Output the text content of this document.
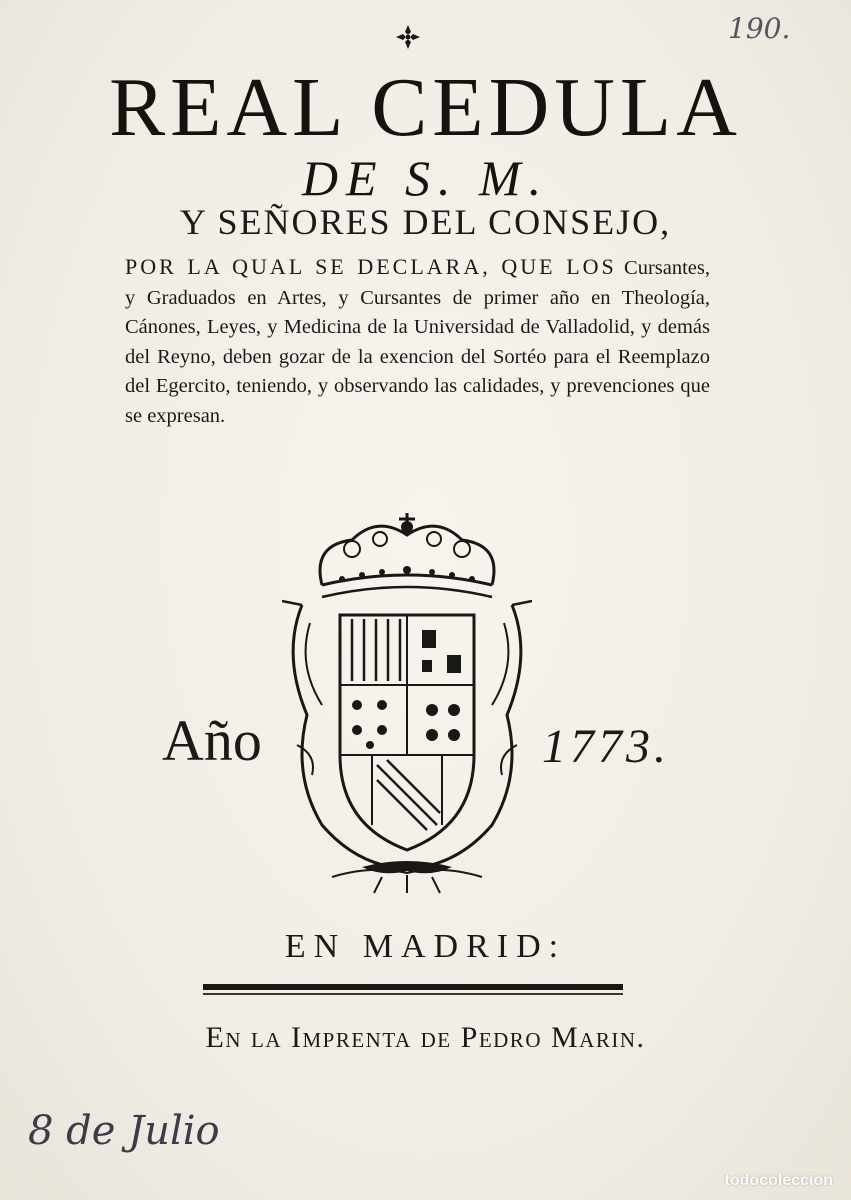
190.
REAL CEDULA
DE S. M.
Y SEÑORES DEL CONSEJO,
POR LA QUAL SE DECLARA, QUE LOS Cursantes, y Graduados en Artes, y Cursantes de primer año en Theología, Cánones, Leyes, y Medicina de la Universidad de Valladolid, y demás del Reyno, deben gozar de la exencion del Sortéo para el Reemplazo del Egercito, teniendo, y observando las calidades, y prevenciones que se expresan.
Año	1773.
EN MADRID:
En la Imprenta de Pedro Marin.
8 de Julio
todocoleccion
